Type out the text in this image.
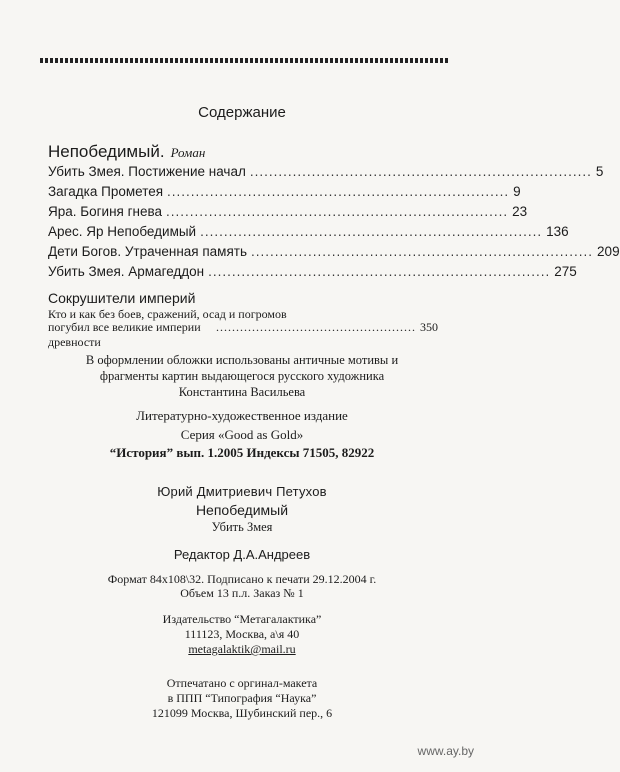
Содержание
Непобедимый. Роман
Убить Змея. Постижение начал ........................................................................ 5
Загадка Прометея ........................................................................ 9
Яра. Богиня гнева ........................................................................ 23
Арес. Яр Непобедимый ........................................................................ 136
Дети Богов. Утраченная память ........................................................................ 209
Убить Змея. Армагеддон ........................................................................ 275
Сокрушители империй
Кто и как без боев, сражений, осад и погромов
погубил все великие империи древности
.................................................. 350
В оформлении обложки использованы античные мотивы и
фрагменты картин выдающегося русского художника
Константина Васильева
Литературно-художественное издание
Серия «Good as Gold»
“История” вып. 1.2005 Индексы 71505, 82922
Юрий Дмитриевич Петухов
Непобедимый
Убить Змея
Редактор Д.А.Андреев
Формат 84х108\32. Подписано к печати 29.12.2004 г.
Объем 13 п.л. Заказ № 1
Издательство “Метагалактика”
111123, Москва, а\я 40
metagalaktik@mail.ru
Отпечатано с оргинал-макета
в ППП “Типография “Наука”
121099 Москва, Шубинский пер., 6
www.ay.by
